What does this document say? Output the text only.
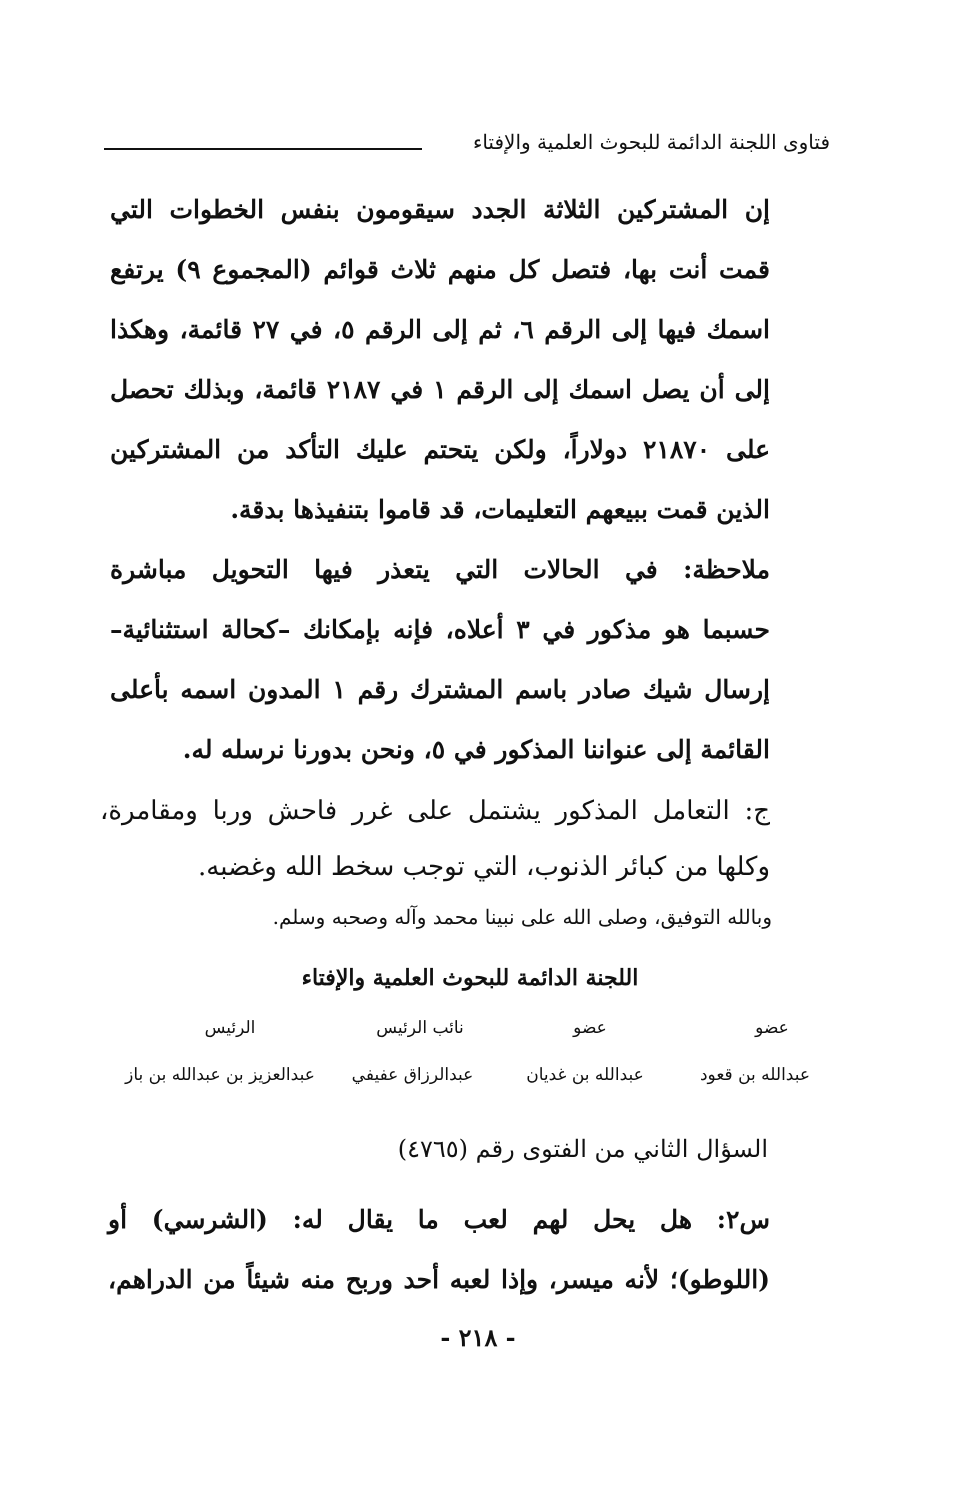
فتاوى اللجنة الدائمة للبحوث العلمية والإفتاء
إن المشتركين الثلاثة الجدد سيقومون بنفس الخطوات التي
قمت أنت بها، فتصل كل منهم ثلاث قوائم (المجموع ٩) يرتفع
اسمك فيها إلى الرقم ٦، ثم إلى الرقم ٥، في ٢٧ قائمة، وهكذا
إلى أن يصل اسمك إلى الرقم ١ في ٢١٨٧ قائمة، وبذلك تحصل
على ٢١٨٧٠ دولاراً، ولكن يتحتم عليك التأكد من المشتركين
الذين قمت ببيعهم التعليمات، قد قاموا بتنفيذها بدقة.
ملاحظة: في الحالات التي يتعذر فيها التحويل مباشرة
حسبما هو مذكور في ٣ أعلاه، فإنه بإمكانك –كحالة استثنائية–
إرسال شيك صادر باسم المشترك رقم ١ المدون اسمه بأعلى
القائمة إلى عنواننا المذكور في ٥، ونحن بدورنا نرسله له.
ج: التعامل المذكور يشتمل على غرر فاحش وربا ومقامرة،
وكلها من كبائر الذنوب، التي توجب سخط الله وغضبه.
وبالله التوفيق، وصلى الله على نبينا محمد وآله وصحبه وسلم.
اللجنة الدائمة للبحوث العلمية والإفتاء
عضو
عبدالله بن قعود
عضو
عبدالله بن غديان
نائب الرئيس
عبدالرزاق عفيفي
الرئيس
عبدالعزيز بن عبدالله بن باز
السؤال الثاني من الفتوى رقم (٤٧٦٥)
س٢: هل يحل لهم لعب ما يقال له: (الشرسي) أو
(اللوطو)؛ لأنه ميسر، وإذا لعبه أحد وربح منه شيئاً من الدراهم،
- ٢١٨ -
